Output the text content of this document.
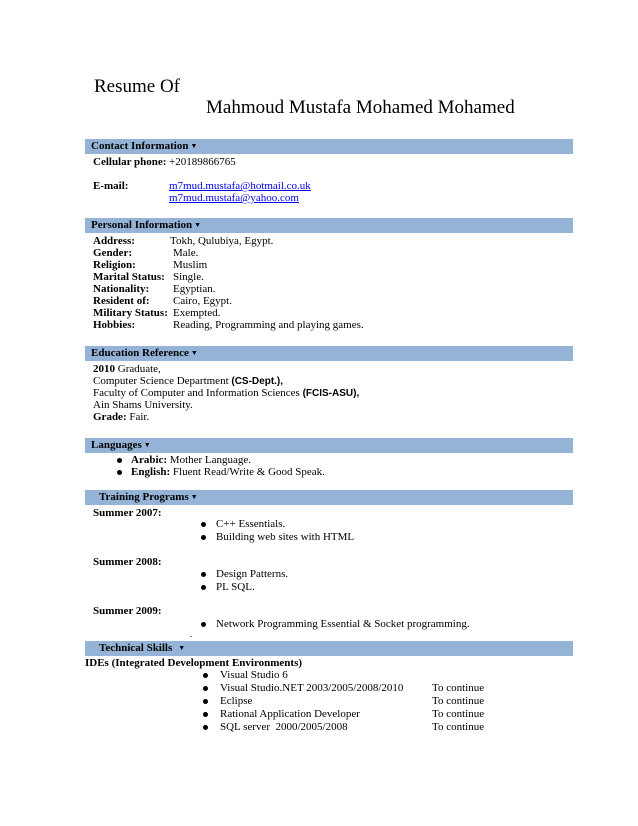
Resume Of
Mahmoud Mustafa Mohamed Mohamed
Contact Information ▼
Cellular phone: +20189866765
E-mail:	m7mud.mustafa@hotmail.co.uk
m7mud.mustafa@yahoo.com
Personal Information ▼
Address:	Tokh, Qulubiya, Egypt.
Gender:	Male.
Religion:	Muslim
Marital Status: Single.
Nationality: Egyptian.
Resident of: Cairo, Egypt.
Military Status: Exempted.
Hobbies:	Reading, Programming and playing games.
Education Reference ▼
2010 Graduate,
Computer Science Department (CS-Dept.),
Faculty of Computer and Information Sciences (FCIS-ASU),
Ain Shams University.
Grade: Fair.
Languages ▼
Arabic: Mother Language.
English: Fluent Read/Write & Good Speak.
Training Programs ▼
Summer 2007:
C++ Essentials.
Building web sites with HTML
Summer 2008:
Design Patterns.
PL SQL.
Summer 2009:
Network Programming Essential & Socket programming.
.
Technical Skills ▼
IDEs (Integrated Development Environments)
Visual Studio 6
Visual Studio.NET 2003/2005/2008/2010	To continue
Eclipse	To continue
Rational Application Developer	To continue
SQL server  2000/2005/2008	To continue
